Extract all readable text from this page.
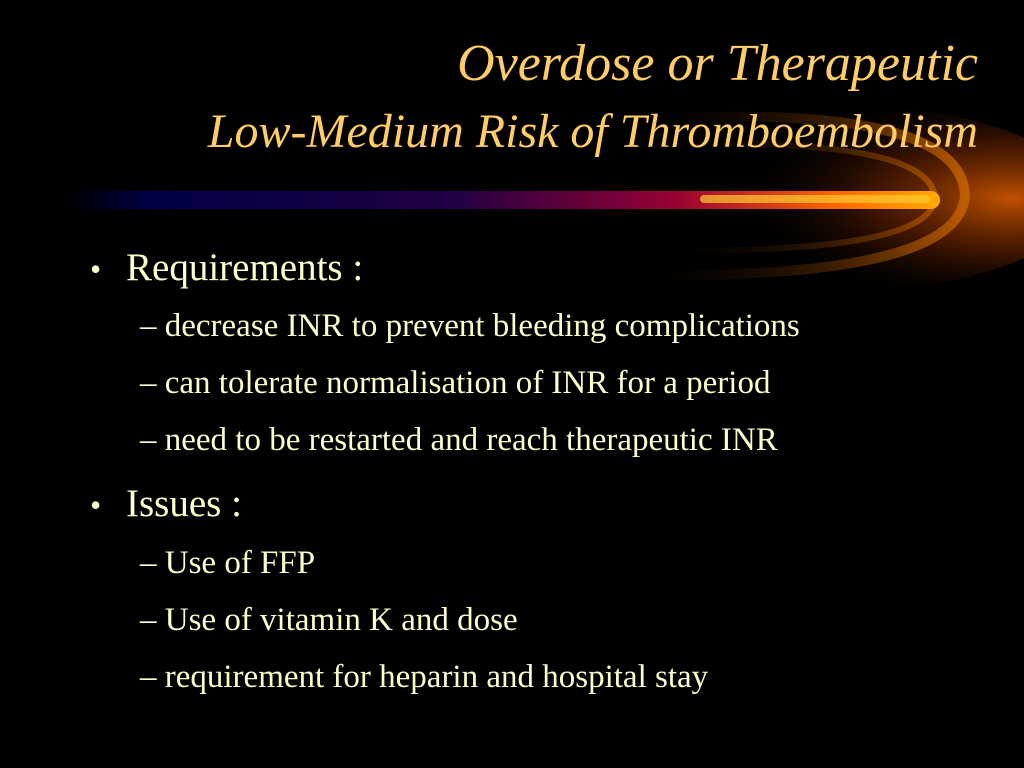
Overdose or Therapeutic
Low-Medium Risk of Thromboembolism
• Requirements :
– decrease INR to prevent bleeding complications
– can tolerate normalisation of INR for a period
– need to be restarted and reach therapeutic INR
• Issues :
– Use of FFP
– Use of vitamin K and dose
– requirement for heparin and hospital stay
